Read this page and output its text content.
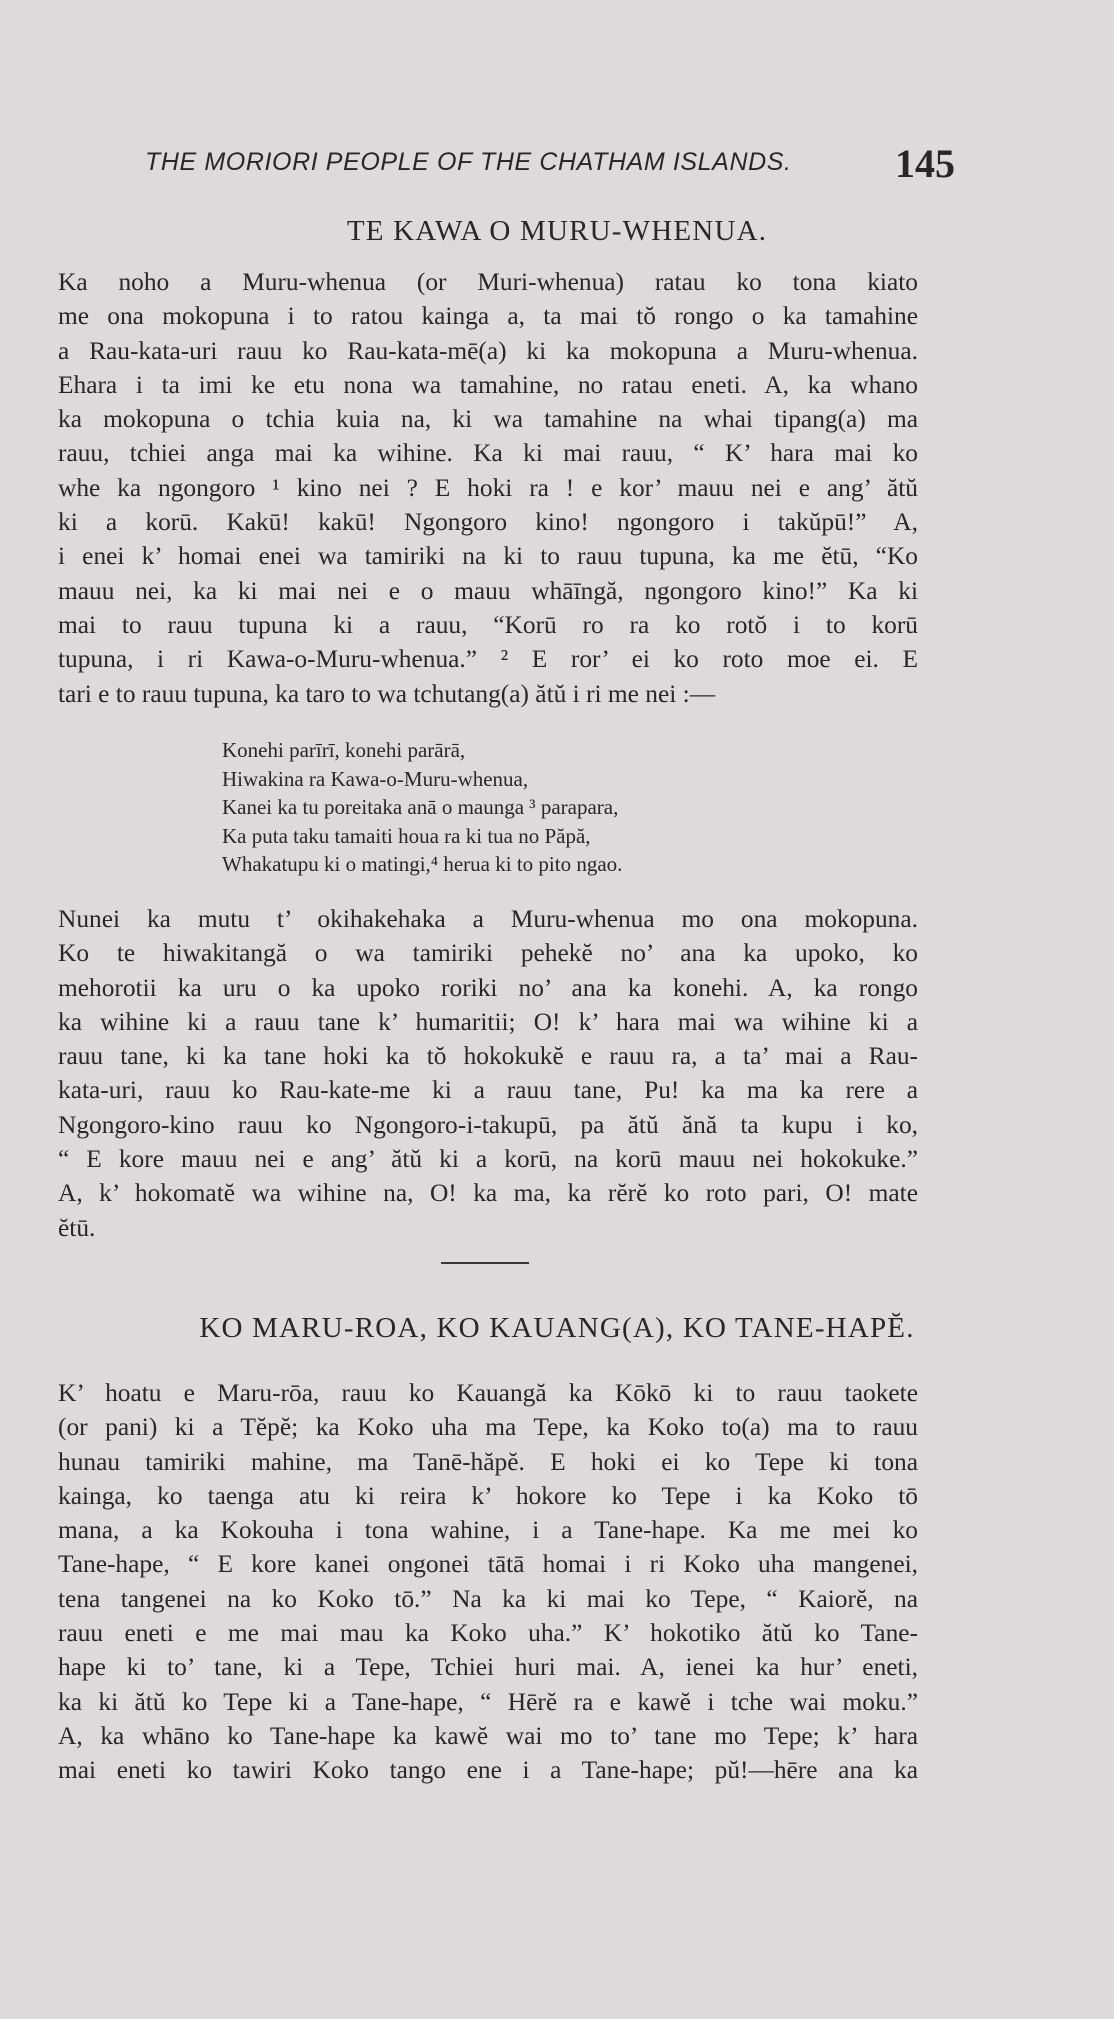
THE MORIORI PEOPLE OF THE CHATHAM ISLANDS.	145
TE KAWA O MURU-WHENUA.
Ka noho a Muru-whenua (or Muri-whenua) ratau ko tona kiato
me ona mokopuna i to ratou kainga a, ta mai tŏ rongo o ka tamahine
a Rau-kata-uri rauu ko Rau-kata-mē(a) ki ka mokopuna a Muru-whenua.
Ehara i ta imi ke etu nona wa tamahine, no ratau eneti. A, ka whano
ka mokopuna o tchia kuia na, ki wa tamahine na whai tipang(a) ma
rauu, tchiei anga mai ka wihine. Ka ki mai rauu, “ K’ hara mai ko
whe ka ngongoro ¹ kino nei ? E hoki ra ! e kor’ mauu nei e ang’ ătŭ
ki a korū. Kakū! kakū! Ngongoro kino! ngongoro i takŭpū!” A,
i enei k’ homai enei wa tamiriki na ki to rauu tupuna, ka me ĕtū, “Ko
mauu nei, ka ki mai nei e o mauu whāīngă, ngongoro kino!” Ka ki
mai to rauu tupuna ki a rauu, “Korū ro ra ko rotŏ i to korū
tupuna, i ri Kawa-o-Muru-whenua.” ² E ror’ ei ko roto moe ei. E
tari e to rauu tupuna, ka taro to wa tchutang(a) ătŭ i ri me nei :—
Konehi parīrī, konehi parārā,
Hiwakina ra Kawa-o-Muru-whenua,
Kanei ka tu poreitaka anā o maunga ³ parapara,
Ka puta taku tamaiti houa ra ki tua no Păpă,
Whakatupu ki o matingi,⁴ herua ki to pito ngao.
Nunei ka mutu t’ okihakehaka a Muru-whenua mo ona mokopuna.
Ko te hiwakitangă o wa tamiriki pehekĕ no’ ana ka upoko, ko
mehorotii ka uru o ka upoko roriki no’ ana ka konehi. A, ka rongo
ka wihine ki a rauu tane k’ humaritii; O! k’ hara mai wa wihine ki a
rauu tane, ki ka tane hoki ka tŏ hokokukĕ e rauu ra, a ta’ mai a Rau-
kata-uri, rauu ko Rau-kate-me ki a rauu tane, Pu! ka ma ka rere a
Ngongoro-kino rauu ko Ngongoro-i-takupū, pa ătŭ ănă ta kupu i ko,
“ E kore mauu nei e ang’ ătŭ ki a korū, na korū mauu nei hokokuke.”
A, k’ hokomatĕ wa wihine na, O! ka ma, ka rĕrĕ ko roto pari, O! mate
ĕtū.
KO MARU-ROA, KO KAUANG(A), KO TANE-HAPĔ.
K’ hoatu e Maru-rōa, rauu ko Kauangă ka Kōkō ki to rauu taokete
(or pani) ki a Tĕpĕ; ka Koko uha ma Tepe, ka Koko to(a) ma to rauu
hunau tamiriki mahine, ma Tanē-hăpĕ. E hoki ei ko Tepe ki tona
kainga, ko taenga atu ki reira k’ hokore ko Tepe i ka Koko tō
mana, a ka Kokouha i tona wahine, i a Tane-hape. Ka me mei ko
Tane-hape, “ E kore kanei ongonei tātā homai i ri Koko uha mangenei,
tena tangenei na ko Koko tō.” Na ka ki mai ko Tepe, “ Kaiorĕ, na
rauu eneti e me mai mau ka Koko uha.” K’ hokotiko ătŭ ko Tane-
hape ki to’ tane, ki a Tepe, Tchiei huri mai. A, ienei ka hur’ eneti,
ka ki ătŭ ko Tepe ki a Tane-hape, “ Hērĕ ra e kawĕ i tche wai moku.”
A, ka whāno ko Tane-hape ka kawĕ wai mo to’ tane mo Tepe; k’ hara
mai eneti ko tawiri Koko tango ene i a Tane-hape; pŭ!—hēre ana ka
